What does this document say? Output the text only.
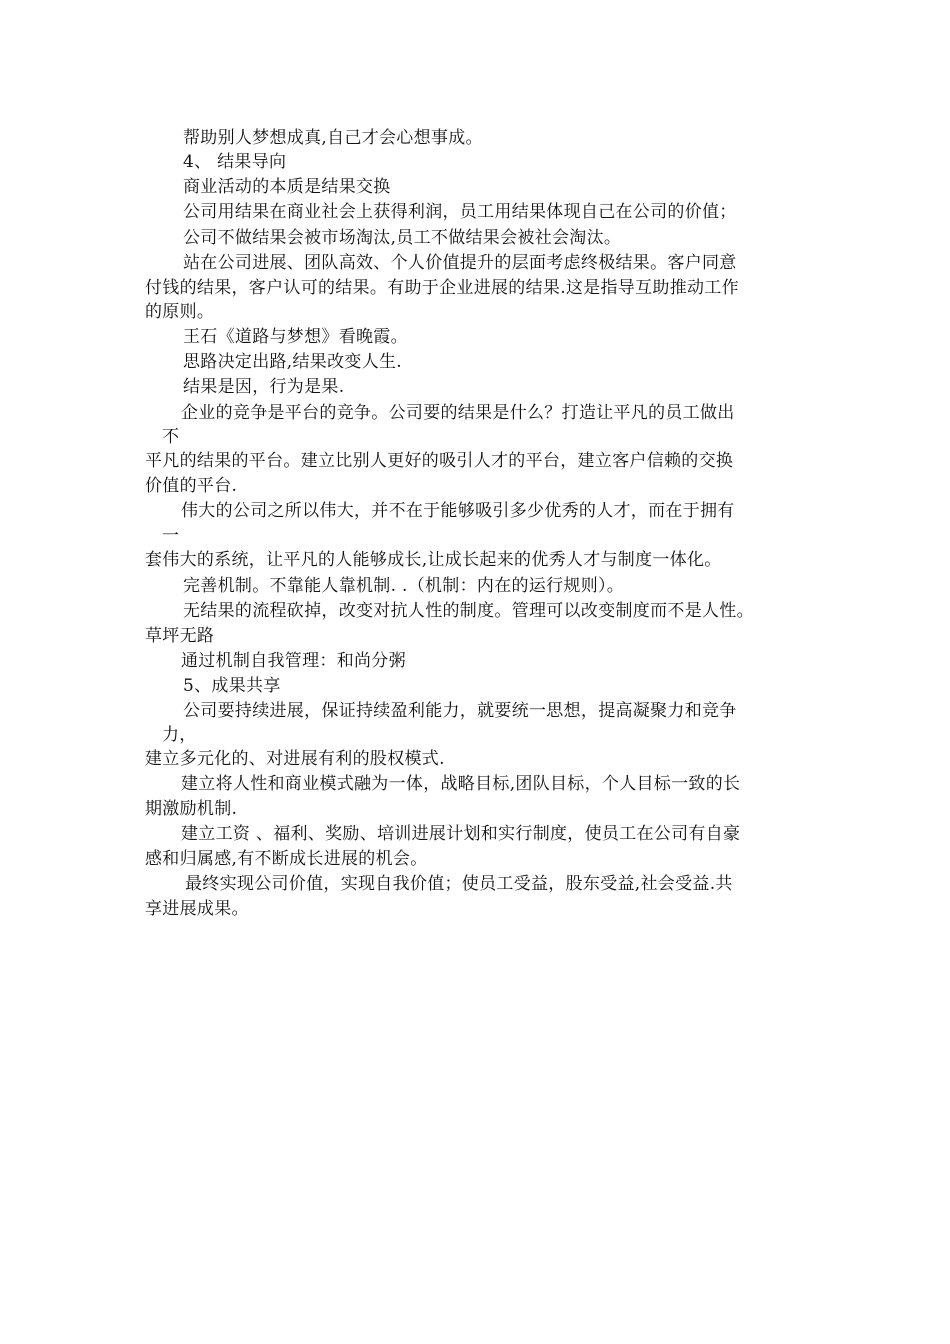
帮助别人梦想成真,自己才会心想事成。
4、 结果导向
商业活动的本质是结果交换
公司用结果在商业社会上获得利润，员工用结果体现自己在公司的价值；
公司不做结果会被市场淘汰,员工不做结果会被社会淘汰。
站在公司进展、团队高效、个人价值提升的层面考虑终极结果。客户同意
付钱的结果，客户认可的结果。有助于企业进展的结果.这是指导互助推动工作
的原则。
王石《道路与梦想》看晚霞。
思路决定出路,结果改变人生.
结果是因，行为是果.
企业的竞争是平台的竞争。公司要的结果是什么？打造让平凡的员工做出
不
平凡的结果的平台。建立比别人更好的吸引人才的平台，建立客户信赖的交换
价值的平台.
伟大的公司之所以伟大，并不在于能够吸引多少优秀的人才，而在于拥有
一
套伟大的系统，让平凡的人能够成长,让成长起来的优秀人才与制度一体化。
完善机制。不靠能人靠机制. .（机制：内在的运行规则）。
无结果的流程砍掉，改变对抗人性的制度。管理可以改变制度而不是人性。
草坪无路
通过机制自我管理：和尚分粥
5、成果共享
公司要持续进展，保证持续盈利能力，就要统一思想，提高凝聚力和竞争
力，
建立多元化的、对进展有利的股权模式.
建立将人性和商业模式融为一体，战略目标,团队目标，个人目标一致的长
期激励机制.
建立工资 、福利、奖励、培训进展计划和实行制度，使员工在公司有自豪
感和归属感,有不断成长进展的机会。
最终实现公司价值，实现自我价值；使员工受益，股东受益,社会受益.共
享进展成果。
